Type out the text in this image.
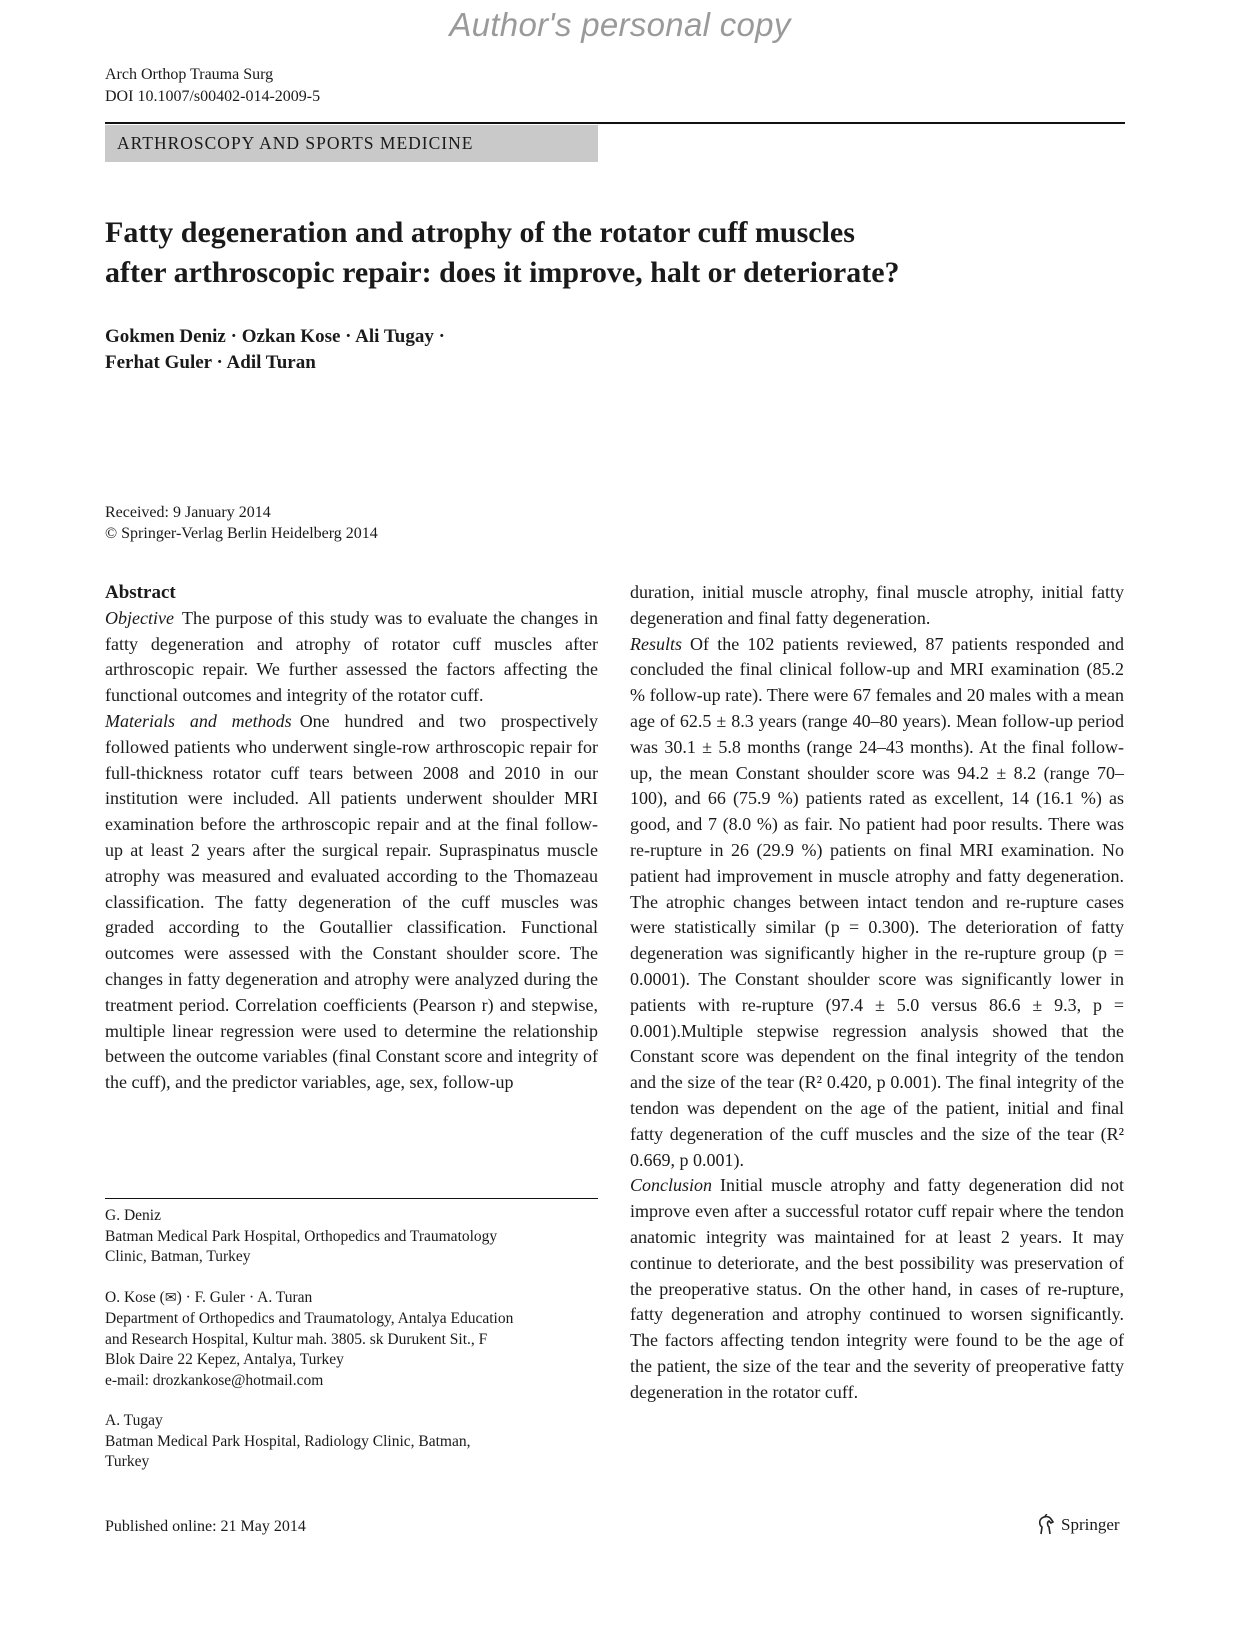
Author's personal copy
Arch Orthop Trauma Surg
DOI 10.1007/s00402-014-2009-5
ARTHROSCOPY AND SPORTS MEDICINE
Fatty degeneration and atrophy of the rotator cuff muscles
after arthroscopic repair: does it improve, halt or deteriorate?
Gokmen Deniz · Ozkan Kose · Ali Tugay ·
Ferhat Guler · Adil Turan
Received: 9 January 2014
© Springer-Verlag Berlin Heidelberg 2014

Abstract

Objective The purpose of this study was to evaluate the changes in fatty degeneration and atrophy of rotator cuff muscles after arthroscopic repair. We further assessed the factors affecting the functional outcomes and integrity of the rotator cuff.

Materials and methods One hundred and two prospectively followed patients who underwent single-row arthroscopic repair for full-thickness rotator cuff tears between 2008 and 2010 in our institution were included. All patients underwent shoulder MRI examination before the arthroscopic repair and at the final follow-up at least 2 years after the surgical repair. Supraspinatus muscle atrophy was measured and evaluated according to the Thomazeau classification. The fatty degeneration of the cuff muscles was graded according to the Goutallier classification. Functional outcomes were assessed with the Constant shoulder score. The changes in fatty degeneration and atrophy were analyzed during the treatment period. Correlation coefficients (Pearson r) and stepwise, multiple linear regression were used to determine the relationship between the outcome variables (final Constant score and integrity of the cuff), and the predictor variables, age, sex, follow-up

G. Deniz
Batman Medical Park Hospital, Orthopedics and Traumatology
Clinic, Batman, Turkey
O. Kose (✉) · F. Guler · A. Turan
Department of Orthopedics and Traumatology, Antalya Education
and Research Hospital, Kultur mah. 3805. sk Durukent Sit., F
Blok Daire 22 Kepez, Antalya, Turkey
e-mail: drozkankose@hotmail.com
A. Tugay
Batman Medical Park Hospital, Radiology Clinic, Batman,
Turkey

duration, initial muscle atrophy, final muscle atrophy, initial fatty degeneration and final fatty degeneration.

Results Of the 102 patients reviewed, 87 patients responded and concluded the final clinical follow-up and MRI examination (85.2 % follow-up rate). There were 67 females and 20 males with a mean age of 62.5 ± 8.3 years (range 40–80 years). Mean follow-up period was 30.1 ± 5.8 months (range 24–43 months). At the final follow-up, the mean Constant shoulder score was 94.2 ± 8.2 (range 70–100), and 66 (75.9 %) patients rated as excellent, 14 (16.1 %) as good, and 7 (8.0 %) as fair. No patient had poor results. There was re-rupture in 26 (29.9 %) patients on final MRI examination. No patient had improvement in muscle atrophy and fatty degeneration. The atrophic changes between intact tendon and re-rupture cases were statistically similar (p = 0.300). The deterioration of fatty degeneration was significantly higher in the re-rupture group (p = 0.0001). The Constant shoulder score was significantly lower in patients with re-rupture (97.4 ± 5.0 versus 86.6 ± 9.3, p = 0.001).Multiple stepwise regression analysis showed that the Constant score was dependent on the final integrity of the tendon and the size of the tear (R² 0.420, p 0.001). The final integrity of the tendon was dependent on the age of the patient, initial and final fatty degeneration of the cuff muscles and the size of the tear (R² 0.669, p 0.001).

Conclusion Initial muscle atrophy and fatty degeneration did not improve even after a successful rotator cuff repair where the tendon anatomic integrity was maintained for at least 2 years. It may continue to deteriorate, and the best possibility was preservation of the preoperative status. On the other hand, in cases of re-rupture, fatty degeneration and atrophy continued to worsen significantly. The factors affecting tendon integrity were found to be the age of the patient, the size of the tear and the severity of preoperative fatty degeneration in the rotator cuff.

Published online: 21 May 2014	Springer
